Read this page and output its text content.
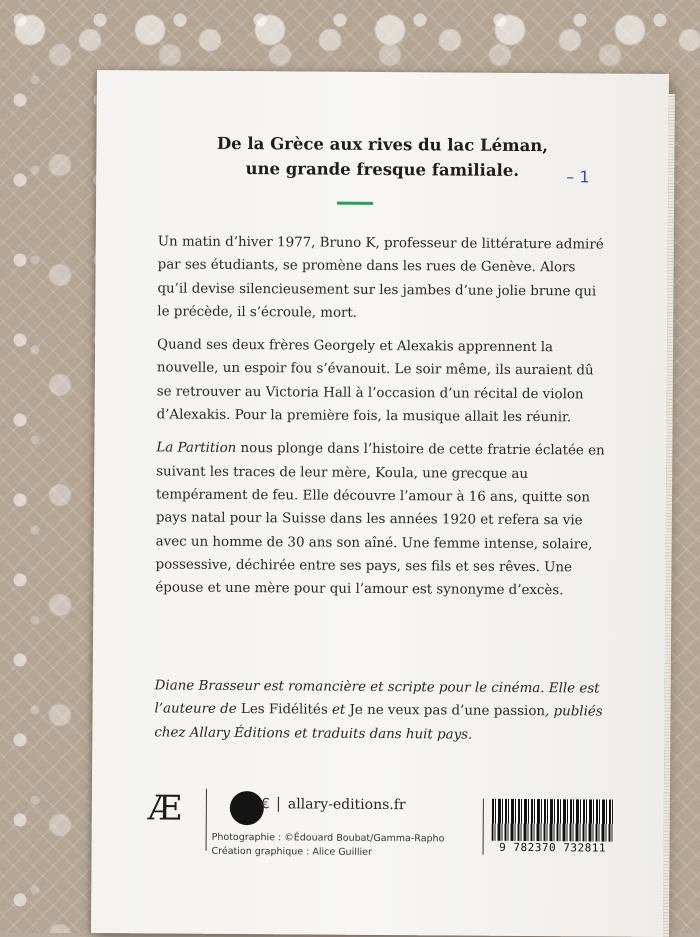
– 1
De la Grèce aux rives du lac Léman,
une grande fresque familiale.

Un matin d’hiver 1977, Bruno K, professeur de littérature admiré par ses étudiants, se promène dans les rues de Genève. Alors qu’il devise silencieusement sur les jambes d’une jolie brune qui le précède, il s’écroule, mort.

Quand ses deux frères Georgely et Alexakis apprennent la nouvelle, un espoir fou s’évanouit. Le soir même, ils auraient dû se retrouver au Victoria Hall à l’occasion d’un récital de violon d’Alexakis. Pour la première fois, la musique allait les réunir.

La Partition nous plonge dans l’histoire de cette fratrie éclatée en suivant les traces de leur mère, Koula, une grecque au tempérament de feu. Elle découvre l’amour à 16 ans, quitte son pays natal pour la Suisse dans les années 1920 et refera sa vie avec un homme de 30 ans son aîné. Une femme intense, solaire, possessive, déchirée entre ses pays, ses fils et ses rêves. Une épouse et une mère pour qui l’amour est synonyme d’excès.

Diane Brasseur est romancière et scripte pour le cinéma. Elle est l’auteure de Les Fidélités et Je ne veux pas d’une passion, publiés chez Allary Éditions et traduits dans huit pays.
Æ	€ | allary-editions.fr
Photographie : ©Édouard Boubat/Gamma-Rapho
Création graphique : Alice Guillier	9 782370 732811
